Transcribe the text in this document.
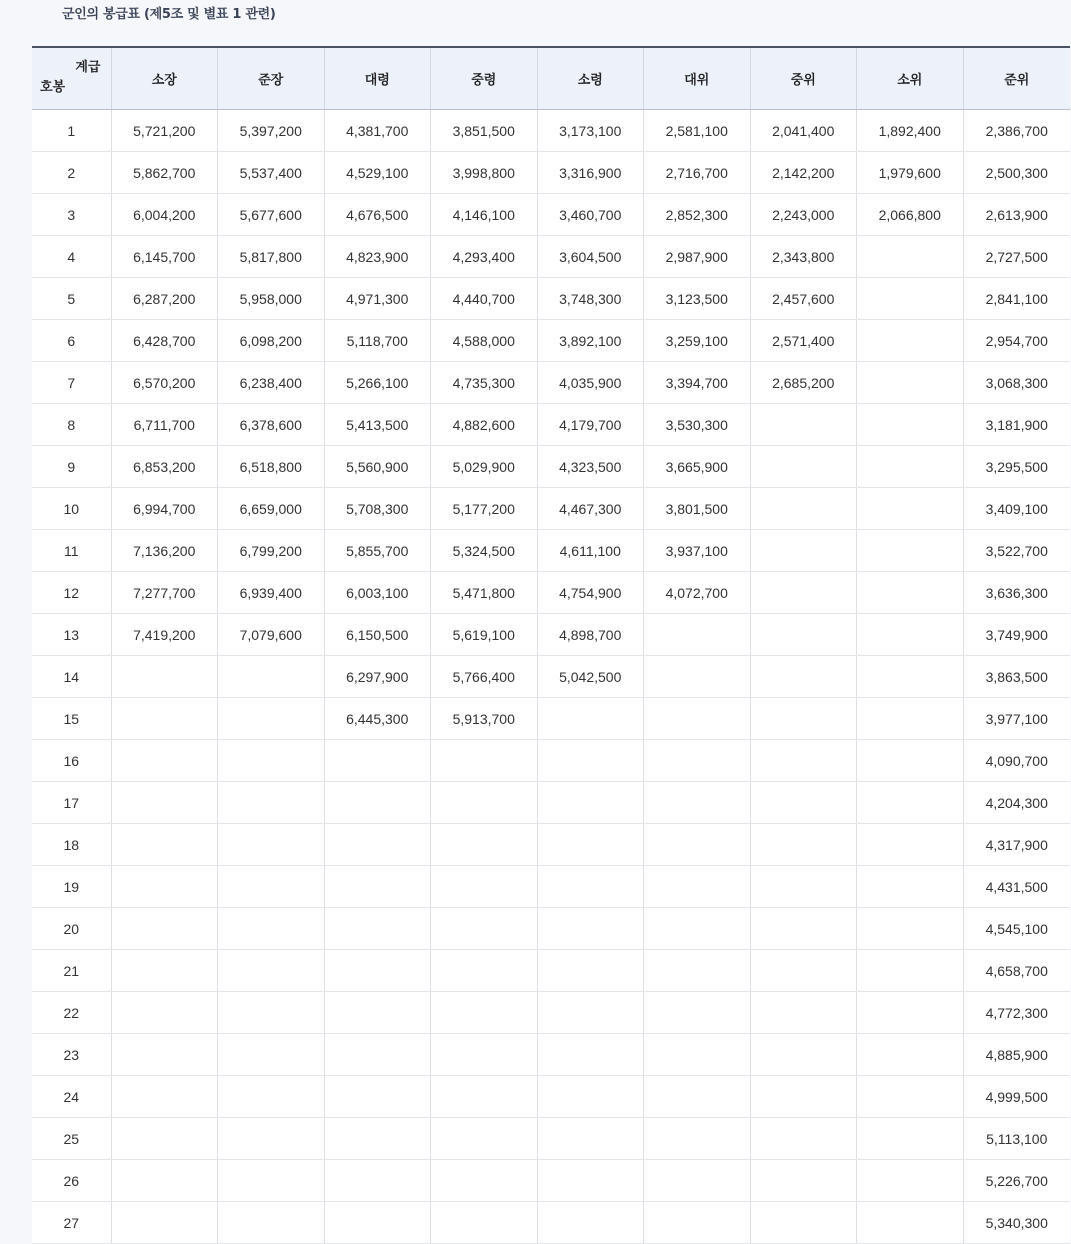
군인의 봉급표 (제5조 및 별표 1 관련)
계급
호봉	소장	준장	대령	중령	소령	대위	중위	소위	준위
1	5,721,200	5,397,200	4,381,700	3,851,500	3,173,100	2,581,100	2,041,400	1,892,400	2,386,700
2	5,862,700	5,537,400	4,529,100	3,998,800	3,316,900	2,716,700	2,142,200	1,979,600	2,500,300
3	6,004,200	5,677,600	4,676,500	4,146,100	3,460,700	2,852,300	2,243,000	2,066,800	2,613,900
4	6,145,700	5,817,800	4,823,900	4,293,400	3,604,500	2,987,900	2,343,800		2,727,500
5	6,287,200	5,958,000	4,971,300	4,440,700	3,748,300	3,123,500	2,457,600		2,841,100
6	6,428,700	6,098,200	5,118,700	4,588,000	3,892,100	3,259,100	2,571,400		2,954,700
7	6,570,200	6,238,400	5,266,100	4,735,300	4,035,900	3,394,700	2,685,200		3,068,300
8	6,711,700	6,378,600	5,413,500	4,882,600	4,179,700	3,530,300			3,181,900
9	6,853,200	6,518,800	5,560,900	5,029,900	4,323,500	3,665,900			3,295,500
10	6,994,700	6,659,000	5,708,300	5,177,200	4,467,300	3,801,500			3,409,100
11	7,136,200	6,799,200	5,855,700	5,324,500	4,611,100	3,937,100			3,522,700
12	7,277,700	6,939,400	6,003,100	5,471,800	4,754,900	4,072,700			3,636,300
13	7,419,200	7,079,600	6,150,500	5,619,100	4,898,700				3,749,900
14			6,297,900	5,766,400	5,042,500				3,863,500
15			6,445,300	5,913,700					3,977,100
16									4,090,700
17									4,204,300
18									4,317,900
19									4,431,500
20									4,545,100
21									4,658,700
22									4,772,300
23									4,885,900
24									4,999,500
25									5,113,100
26									5,226,700
27									5,340,300
